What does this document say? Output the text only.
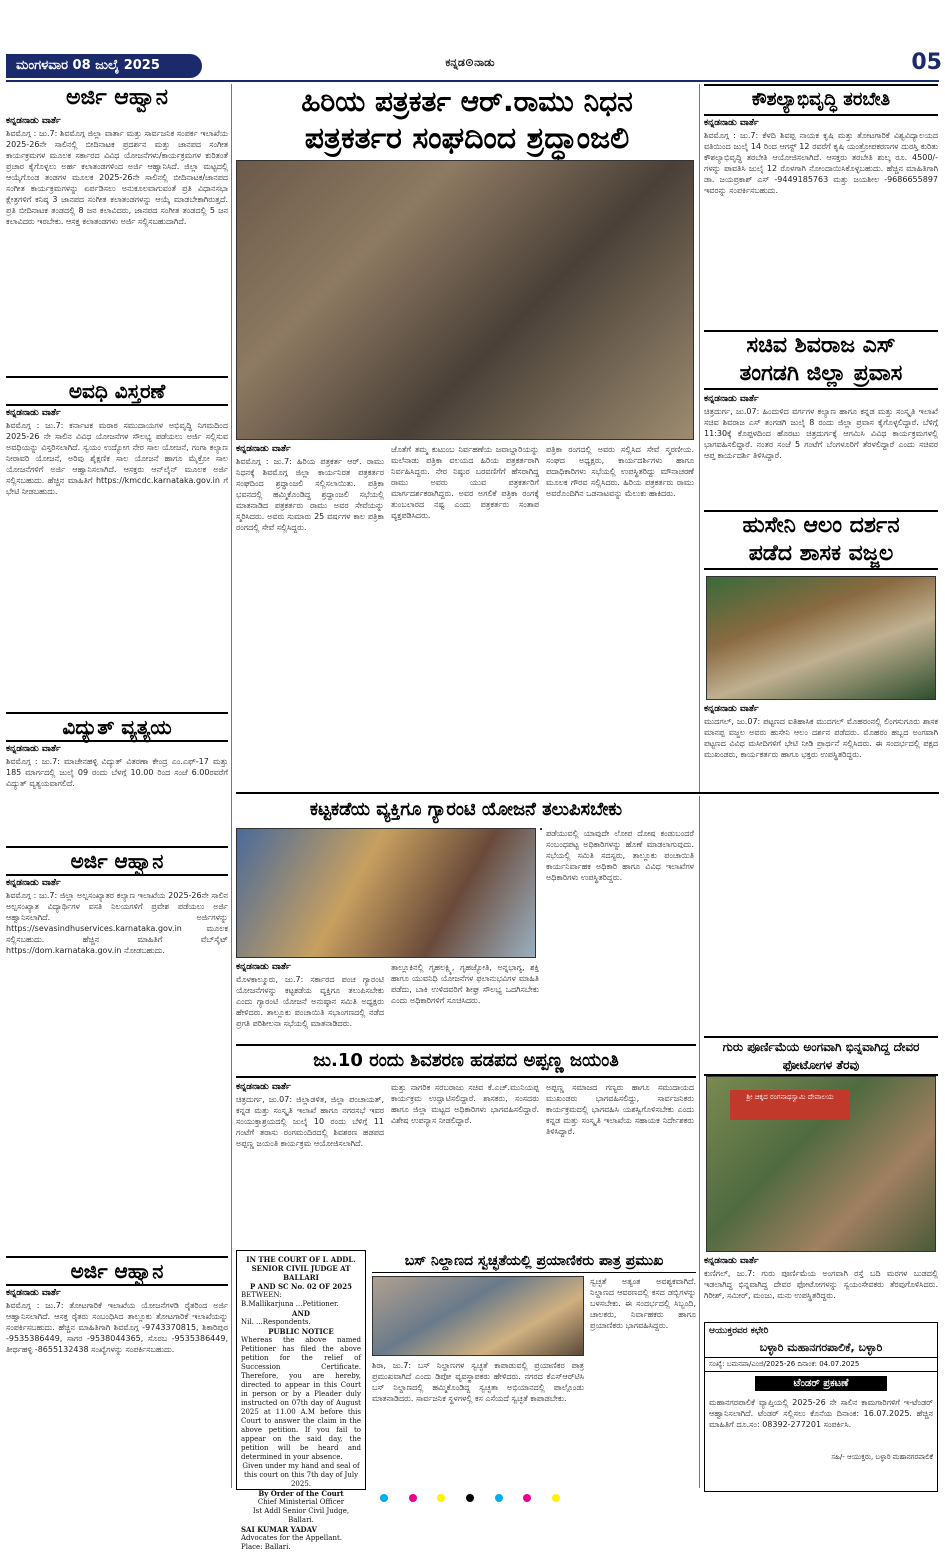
ಮಂಗಳವಾರ 08 ಜುಲೈ 2025	ಕನ್ನಡ⊙ನಾಡು	05
ಅರ್ಜಿ ಆಹ್ವಾನ
ಕನ್ನಡನಾಡು ವಾರ್ತೆ
ಶಿವಮೊಗ್ಗ : ಜು.7: ಶಿವಮೊಗ್ಗ ಜಿಲ್ಲಾ ವಾರ್ತಾ ಮತ್ತು ಸಾರ್ವಜನಿಕ ಸಂಪರ್ಕ ಇಲಾಖೆಯ 2025-26ನೇ ಸಾಲಿನಲ್ಲಿ ಬೀದಿನಾಟಕ ಪ್ರದರ್ಶನ ಮತ್ತು ಜಾನಪದ ಸಂಗೀತ ಕಾರ್ಯಕ್ರಮಗಳ ಮೂಲಕ ಸರ್ಕಾರದ ವಿವಿಧ ಯೋಜನೆಗಳು/ಕಾರ್ಯಕ್ರಮಗಳ ಕುರಿತಂತೆ ಪ್ರಚಾರ ಕೈಗೊಳ್ಳಲು ಅರ್ಹ ಕಲಾತಂಡಗಳಿಂದ ಅರ್ಜಿ ಆಹ್ವಾನಿಸಿದೆ. ಜಿಲ್ಲಾ ಮಟ್ಟದಲ್ಲಿ ಆಯ್ಕೆಗೊಂಡ ತಂಡಗಳ ಮೂಲಕ 2025-26ನೇ ಸಾಲಿನಲ್ಲಿ ಬೀದಿನಾಟಕ/ಜಾನಪದ ಸಂಗೀತ ಕಾರ್ಯಕ್ರಮಗಳನ್ನು ಏರ್ಪಡಿಸಲು ಅನುಕೂಲವಾಗುವಂತೆ ಪ್ರತಿ ವಿಧಾನಸಭಾ ಕ್ಷೇತ್ರಗಳಿಗೆ ಕನಿಷ್ಠ 3 ಜಾನಪದ ಸಂಗೀತ ಕಲಾತಂಡಗಳನ್ನು ಆಯ್ಕೆ ಮಾಡಬೇಕಾಗಿರುತ್ತದೆ. ಪ್ರತಿ ಬೀದಿನಾಟಕ ತಂಡದಲ್ಲಿ 8 ಜನ ಕಲಾವಿದರು, ಜಾನಪದ ಸಂಗೀತ ತಂಡದಲ್ಲಿ 5 ಜನ ಕಲಾವಿದರು ಇರಬೇಕು. ಆಸಕ್ತ ಕಲಾತಂಡಗಳು ಅರ್ಜಿ ಸಲ್ಲಿಸಬಹುದಾಗಿದೆ.
ಅವಧಿ ವಿಸ್ತರಣೆ
ಕನ್ನಡನಾಡು ವಾರ್ತೆ
ಶಿವಮೊಗ್ಗ : ಜು.7: ಕರ್ನಾಟಕ ಮರಾಠ ಸಮುದಾಯಗಳ ಅಭಿವೃದ್ಧಿ ನಿಗಮದಿಂದ 2025-26 ನೇ ಸಾಲಿನ ವಿವಿಧ ಯೋಜನೆಗಳ ಸೌಲಭ್ಯ ಪಡೆಯಲು ಅರ್ಜಿ ಸಲ್ಲಿಸುವ ಅವಧಿಯನ್ನು ವಿಸ್ತರಿಸಲಾಗಿದೆ. ಸ್ವಯಂ ಉದ್ಯೋಗ ನೇರ ಸಾಲ ಯೋಜನೆ, ಗಂಗಾ ಕಲ್ಯಾಣ ನೀರಾವರಿ ಯೋಜನೆ, ಅರಿವು ಶೈಕ್ಷಣಿಕ ಸಾಲ ಯೋಜನೆ ಹಾಗೂ ಮೈಕ್ರೋ ಸಾಲ ಯೋಜನೆಗಳಿಗೆ ಅರ್ಜಿ ಆಹ್ವಾನಿಸಲಾಗಿದೆ. ಆಸಕ್ತರು ಆನ್‌ಲೈನ್ ಮೂಲಕ ಅರ್ಜಿ ಸಲ್ಲಿಸಬಹುದು. ಹೆಚ್ಚಿನ ಮಾಹಿತಿಗೆ https://kmcdc.karnataka.gov.in ಗೆ ಭೇಟಿ ನೀಡಬಹುದು.
ವಿದ್ಯುತ್ ವ್ಯತ್ಯಯ
ಕನ್ನಡನಾಡು ವಾರ್ತೆ
ಶಿವಮೊಗ್ಗ : ಜು.7: ಮಾಚೇನಹಳ್ಳಿ ವಿದ್ಯುತ್ ವಿತರಣಾ ಕೇಂದ್ರ ಎಂ.ಎಫ್-17 ಮತ್ತು 185 ಮಾರ್ಗದಲ್ಲಿ ಜುಲೈ 09 ರಂದು ಬೆಳಗ್ಗೆ 10.00 ರಿಂದ ಸಂಜೆ 6.00ರವರೆಗೆ ವಿದ್ಯುತ್ ವ್ಯತ್ಯಯವಾಗಲಿದೆ.
ಅರ್ಜಿ ಆಹ್ವಾನ
ಕನ್ನಡನಾಡು ವಾರ್ತೆ
ಶಿವಮೊಗ್ಗ : ಜು.7: ಜಿಲ್ಲಾ ಅಲ್ಪಸಂಖ್ಯಾತರ ಕಲ್ಯಾಣ ಇಲಾಖೆಯ 2025-26ನೇ ಸಾಲಿನ ಅಲ್ಪಸಂಖ್ಯಾತ ವಿದ್ಯಾರ್ಥಿಗಳ ವಸತಿ ನಿಲಯಗಳಿಗೆ ಪ್ರವೇಶ ಪಡೆಯಲು ಅರ್ಜಿ ಆಹ್ವಾನಿಸಲಾಗಿದೆ. ಅರ್ಜಿಗಳನ್ನು https://sevasindhuservices.karnataka.gov.in ಮೂಲಕ ಸಲ್ಲಿಸಬಹುದು. ಹೆಚ್ಚಿನ ಮಾಹಿತಿಗೆ ವೆಬ್‌ಸೈಟ್ https://dom.karnataka.gov.in ನೋಡಬಹುದು.
ಅರ್ಜಿ ಆಹ್ವಾನ
ಕನ್ನಡನಾಡು ವಾರ್ತೆ
ಶಿವಮೊಗ್ಗ : ಜು.7: ತೋಟಗಾರಿಕೆ ಇಲಾಖೆಯ ಯೋಜನೆಗಳಡಿ ರೈತರಿಂದ ಅರ್ಜಿ ಆಹ್ವಾನಿಸಲಾಗಿದೆ. ಆಸಕ್ತ ರೈತರು ಸಂಬಂಧಿಸಿದ ತಾಲ್ಲೂಕು ತೋಟಗಾರಿಕೆ ಇಲಾಖೆಯನ್ನು ಸಂಪರ್ಕಿಸಬಹುದು. ಹೆಚ್ಚಿನ ಮಾಹಿತಿಗಾಗಿ ಶಿವಮೊಗ್ಗ -9743370815, ಶಿಕಾರಿಪುರ -9535386449, ಸಾಗರ -9538044365, ಸೊರಬ -9535386449, ತೀರ್ಥಹಳ್ಳಿ -8655132438 ಸಂಖ್ಯೆಗಳನ್ನು ಸಂಪರ್ಕಿಸಬಹುದು.
ಹಿರಿಯ ಪತ್ರಕರ್ತ ಆರ್.ರಾಮು ನಿಧನ
ಪತ್ರಕರ್ತರ ಸಂಘದಿಂದ ಶ್ರದ್ಧಾಂಜಲಿ
ಕನ್ನಡನಾಡು ವಾರ್ತೆ
ಶಿವಮೊಗ್ಗ : ಜು.7: ಹಿರಿಯ ಪತ್ರಕರ್ತ ಆರ್. ರಾಮು ನಿಧನಕ್ಕೆ ಶಿವಮೊಗ್ಗ ಜಿಲ್ಲಾ ಕಾರ್ಯನಿರತ ಪತ್ರಕರ್ತರ ಸಂಘದಿಂದ ಶ್ರದ್ಧಾಂಜಲಿ ಸಲ್ಲಿಸಲಾಯಿತು. ಪತ್ರಿಕಾ ಭವನದಲ್ಲಿ ಹಮ್ಮಿಕೊಂಡಿದ್ದ ಶ್ರದ್ಧಾಂಜಲಿ ಸಭೆಯಲ್ಲಿ ಮಾತನಾಡಿದ ಪತ್ರಕರ್ತರು ರಾಮು ಅವರ ಸೇವೆಯನ್ನು ಸ್ಮರಿಸಿದರು. ಅವರು ಸುಮಾರು 25 ವರ್ಷಗಳ ಕಾಲ ಪತ್ರಿಕಾ ರಂಗದಲ್ಲಿ ಸೇವೆ ಸಲ್ಲಿಸಿದ್ದರು.
ಜೊತೆಗೆ ತಮ್ಮ ಕುಟುಂಬ ನಿರ್ವಹಣೆಯ ಜವಾಬ್ದಾರಿಯನ್ನು ಮಲೆನಾಡು ಪತ್ರಿಕಾ ವಲಯದ ಹಿರಿಯ ಪತ್ರಕರ್ತರಾಗಿ ನಿರ್ವಹಿಸಿದ್ದರು. ನೇರ ನಿಷ್ಠುರ ಬರವಣಿಗೆಗೆ ಹೆಸರಾಗಿದ್ದ ರಾಮು ಅವರು ಯುವ ಪತ್ರಕರ್ತರಿಗೆ ಮಾರ್ಗದರ್ಶಕರಾಗಿದ್ದರು. ಅವರ ಅಗಲಿಕೆ ಪತ್ರಿಕಾ ರಂಗಕ್ಕೆ ತುಂಬಲಾರದ ನಷ್ಟ ಎಂದು ಪತ್ರಕರ್ತರು ಸಂತಾಪ ವ್ಯಕ್ತಪಡಿಸಿದರು.
ಪತ್ರಿಕಾ ರಂಗದಲ್ಲಿ ಅವರು ಸಲ್ಲಿಸಿದ ಸೇವೆ ಸ್ಮರಣೀಯ. ಸಂಘದ ಅಧ್ಯಕ್ಷರು, ಕಾರ್ಯದರ್ಶಿಗಳು ಹಾಗೂ ಪದಾಧಿಕಾರಿಗಳು ಸಭೆಯಲ್ಲಿ ಉಪಸ್ಥಿತರಿದ್ದು ಮೌನಾಚರಣೆ ಮೂಲಕ ಗೌರವ ಸಲ್ಲಿಸಿದರು. ಹಿರಿಯ ಪತ್ರಕರ್ತರು ರಾಮು ಅವರೊಂದಿಗಿನ ಒಡನಾಟವನ್ನು ಮೆಲುಕು ಹಾಕಿದರು.
ಕೌಶಲ್ಯಾಭಿವೃದ್ಧಿ ತರಬೇತಿ
ಕನ್ನಡನಾಡು ವಾರ್ತೆ
ಶಿವಮೊಗ್ಗ : ಜು.7: ಕೆಳದಿ ಶಿವಪ್ಪ ನಾಯಕ ಕೃಷಿ ಮತ್ತು ತೋಟಗಾರಿಕೆ ವಿಶ್ವವಿದ್ಯಾಲಯದ ವತಿಯಿಂದ ಜುಲೈ 14 ರಿಂದ ಆಗಸ್ಟ್ 12 ರವರೆಗೆ ಕೃಷಿ ಯಂತ್ರೋಪಕರಣಗಳ ದುರಸ್ತಿ ಕುರಿತು ಕೌಶಲ್ಯಾಭಿವೃದ್ಧಿ ತರಬೇತಿ ಆಯೋಜಿಸಲಾಗಿದೆ. ಆಸಕ್ತರು ತರಬೇತಿ ಶುಲ್ಕ ರೂ. 4500/-ಗಳನ್ನು ಪಾವತಿಸಿ ಜುಲೈ 12 ರೊಳಗಾಗಿ ನೋಂದಾಯಿಸಿಕೊಳ್ಳಬಹುದು. ಹೆಚ್ಚಿನ ಮಾಹಿತಿಗಾಗಿ ಡಾ. ಜಯಪ್ರಕಾಶ್ ಎಸ್ -9449185763 ಮತ್ತು ಜಯಶೀಲ -9686655897 ಇವರನ್ನು ಸಂಪರ್ಕಿಸಬಹುದು.
ಸಚಿವ ಶಿವರಾಜ ಎಸ್
ತಂಗಡಗಿ ಜಿಲ್ಲಾ ಪ್ರವಾಸ
ಕನ್ನಡನಾಡು ವಾರ್ತೆ
ಚಿತ್ರದುರ್ಗ, ಜು.07: ಹಿಂದುಳಿದ ವರ್ಗಗಳ ಕಲ್ಯಾಣ ಹಾಗೂ ಕನ್ನಡ ಮತ್ತು ಸಂಸ್ಕೃತಿ ಇಲಾಖೆ ಸಚಿವ ಶಿವರಾಜ ಎಸ್ ತಂಗಡಗಿ ಜುಲೈ 8 ರಂದು ಜಿಲ್ಲಾ ಪ್ರವಾಸ ಕೈಗೊಳ್ಳಲಿದ್ದಾರೆ. ಬೆಳಿಗ್ಗೆ 11:30ಕ್ಕೆ ಕೊಪ್ಪಳದಿಂದ ಹೊರಟು ಚಿತ್ರದುರ್ಗಕ್ಕೆ ಆಗಮಿಸಿ ವಿವಿಧ ಕಾರ್ಯಕ್ರಮಗಳಲ್ಲಿ ಭಾಗವಹಿಸಲಿದ್ದಾರೆ. ನಂತರ ಸಂಜೆ 5 ಗಂಟೆಗೆ ಬೆಂಗಳೂರಿಗೆ ತೆರಳಲಿದ್ದಾರೆ ಎಂದು ಸಚಿವರ ಆಪ್ತ ಕಾರ್ಯದರ್ಶಿ ತಿಳಿಸಿದ್ದಾರೆ.
ಹುಸೇನಿ ಆಲಂ ದರ್ಶನ
ಪಡೆದ ಶಾಸಕ ವಜ್ಜಲ
ಕನ್ನಡನಾಡು ವಾರ್ತೆ
ಮುದಗಲ್, ಜು.07: ಪಟ್ಟಣದ ಐತಿಹಾಸಿಕ ಮುದಗಲ್ ಮೊಹರಂನಲ್ಲಿ ಲಿಂಗಸುಗೂರು ಶಾಸಕ ಮಾನಪ್ಪ ವಜ್ಜಲ ಅವರು ಹುಸೇನಿ ಆಲಂ ದರ್ಶನ ಪಡೆದರು. ಮೊಹರಂ ಹಬ್ಬದ ಅಂಗವಾಗಿ ಪಟ್ಟಣದ ವಿವಿಧ ಮಸೀದಿಗಳಿಗೆ ಭೇಟಿ ನೀಡಿ ಪ್ರಾರ್ಥನೆ ಸಲ್ಲಿಸಿದರು. ಈ ಸಂದರ್ಭದಲ್ಲಿ ಪಕ್ಷದ ಮುಖಂಡರು, ಕಾರ್ಯಕರ್ತರು ಹಾಗೂ ಭಕ್ತರು ಉಪಸ್ಥಿತರಿದ್ದರು.
ಗುರು ಪೂರ್ಣಿಮೆಯ ಅಂಗವಾಗಿ ಭಿನ್ನವಾಗಿದ್ದ ದೇವರ ಫೋಟೋಗಳ ತೆರವು
ಶ್ರೀ ಚಿಕ್ಕದ ರಂಗನಾಥಸ್ವಾಮಿ ದೇವಾಲಯ
ಕನ್ನಡನಾಡು ವಾರ್ತೆ
ಕುಣಿಗಲ್, ಜು.7: ಗುರು ಪೂರ್ಣಿಮೆಯ ಅಂಗವಾಗಿ ರಸ್ತೆ ಬದಿ ಮರಗಳ ಬುಡದಲ್ಲಿ ಇಡಲಾಗಿದ್ದ ಭಿನ್ನವಾಗಿದ್ದ ದೇವರ ಫೋಟೋಗಳನ್ನು ಸ್ವಯಂಸೇವಕರು ತೆರವುಗೊಳಿಸಿದರು. ಗಿರೀಶ್, ಸಮೀರ್, ಮಂಜು, ಮನು ಉಪಸ್ಥಿತರಿದ್ದರು.
ಆಯುಕ್ತರವರ ಕಛೇರಿ
ಬಳ್ಳಾರಿ ಮಹಾನಗರಪಾಲಿಕೆ, ಬಳ್ಳಾರಿ
ಸಂಖ್ಯೆ: ಬಮನಪಾ/ಎಂಜಿ/2025-26 ದಿನಾಂಕ: 04.07.2025
ಟೆಂಡರ್ ಪ್ರಕಟಣೆ
ಮಹಾನಗರಪಾಲಿಕೆ ವ್ಯಾಪ್ತಿಯಲ್ಲಿ 2025-26 ನೇ ಸಾಲಿನ ಕಾಮಗಾರಿಗಳಿಗೆ ಇ-ಟೆಂಡರ್ ಆಹ್ವಾನಿಸಲಾಗಿದೆ. ಟೆಂಡರ್ ಸಲ್ಲಿಸಲು ಕೊನೆಯ ದಿನಾಂಕ: 16.07.2025. ಹೆಚ್ಚಿನ ಮಾಹಿತಿಗೆ ದೂ.ಸಂ: 08392-277201 ಸಂಪರ್ಕಿಸಿ.
ಸಹಿ/- ಆಯುಕ್ತರು, ಬಳ್ಳಾರಿ ಮಹಾನಗರಪಾಲಿಕೆ
ಕಟ್ಟಕಡೆಯ ವ್ಯಕ್ತಿಗೂ ಗ್ಯಾರಂಟಿ ಯೋಜನೆ ತಲುಪಿಸಬೇಕು
ಪಡೆಯುವಲ್ಲಿ ಯಾವುದೇ ಲೋಪ ದೋಷ ಕಂಡುಬಂದರೆ ಸಂಬಂಧಪಟ್ಟ ಅಧಿಕಾರಿಗಳನ್ನು ಹೊಣೆ ಮಾಡಲಾಗುವುದು. ಸಭೆಯಲ್ಲಿ ಸಮಿತಿ ಸದಸ್ಯರು, ತಾಲ್ಲೂಕು ಪಂಚಾಯಿತಿ ಕಾರ್ಯನಿರ್ವಾಹಕ ಅಧಿಕಾರಿ ಹಾಗೂ ವಿವಿಧ ಇಲಾಖೆಗಳ ಅಧಿಕಾರಿಗಳು ಉಪಸ್ಥಿತರಿದ್ದರು.
ಕನ್ನಡನಾಡು ವಾರ್ತೆ
ಮೊಳಕಾಲ್ಮೂರು, ಜು.7: ಸರ್ಕಾರದ ಪಂಚ ಗ್ಯಾರಂಟಿ ಯೋಜನೆಗಳನ್ನು ಕಟ್ಟಕಡೆಯ ವ್ಯಕ್ತಿಗೂ ತಲುಪಿಸಬೇಕು ಎಂದು ಗ್ಯಾರಂಟಿ ಯೋಜನೆ ಅನುಷ್ಠಾನ ಸಮಿತಿ ಅಧ್ಯಕ್ಷರು ಹೇಳಿದರು. ತಾಲ್ಲೂಕು ಪಂಚಾಯಿತಿ ಸಭಾಂಗಣದಲ್ಲಿ ನಡೆದ ಪ್ರಗತಿ ಪರಿಶೀಲನಾ ಸಭೆಯಲ್ಲಿ ಮಾತನಾಡಿದರು.
ತಾಲ್ಲೂಕಿನಲ್ಲಿ ಗೃಹಲಕ್ಷ್ಮಿ, ಗೃಹಜ್ಯೋತಿ, ಅನ್ನಭಾಗ್ಯ, ಶಕ್ತಿ ಹಾಗೂ ಯುವನಿಧಿ ಯೋಜನೆಗಳ ಫಲಾನುಭವಿಗಳ ಮಾಹಿತಿ ಪಡೆದು, ಬಾಕಿ ಉಳಿದವರಿಗೆ ಶೀಘ್ರ ಸೌಲಭ್ಯ ಒದಗಿಸಬೇಕು ಎಂದು ಅಧಿಕಾರಿಗಳಿಗೆ ಸೂಚಿಸಿದರು.
ಜು.10 ರಂದು ಶಿವಶರಣ ಹಡಪದ ಅಪ್ಪಣ್ಣ ಜಯಂತಿ
ಕನ್ನಡನಾಡು ವಾರ್ತೆ
ಚಿತ್ರದುರ್ಗ, ಜು.07: ಜಿಲ್ಲಾಡಳಿತ, ಜಿಲ್ಲಾ ಪಂಚಾಯತ್, ಕನ್ನಡ ಮತ್ತು ಸಂಸ್ಕೃತಿ ಇಲಾಖೆ ಹಾಗೂ ನಗರಸಭೆ ಇವರ ಸಂಯುಕ್ತಾಶ್ರಯದಲ್ಲಿ ಜುಲೈ 10 ರಂದು ಬೆಳಿಗ್ಗೆ 11 ಗಂಟೆಗೆ ತರಾಸು ರಂಗಮಂದಿರದಲ್ಲಿ ಶಿವಶರಣ ಹಡಪದ ಅಪ್ಪಣ್ಣ ಜಯಂತಿ ಕಾರ್ಯಕ್ರಮ ಆಯೋಜಿಸಲಾಗಿದೆ.
ಮತ್ತು ನಾಗರಿಕ ಸರಬರಾಜು ಸಚಿವ ಕೆ.ಎಚ್.ಮುನಿಯಪ್ಪ ಕಾರ್ಯಕ್ರಮ ಉದ್ಘಾಟಿಸಲಿದ್ದಾರೆ. ಶಾಸಕರು, ಸಂಸದರು ಹಾಗೂ ಜಿಲ್ಲಾ ಮಟ್ಟದ ಅಧಿಕಾರಿಗಳು ಭಾಗವಹಿಸಲಿದ್ದಾರೆ. ವಿಶೇಷ ಉಪನ್ಯಾಸ ನೀಡಲಿದ್ದಾರೆ.
ಅಪ್ಪಣ್ಣ ಸಮಾಜದ ಗಣ್ಯರು ಹಾಗೂ ಸಮುದಾಯದ ಮುಖಂಡರು ಭಾಗವಹಿಸಲಿದ್ದು, ಸಾರ್ವಜನಿಕರು ಕಾರ್ಯಕ್ರಮದಲ್ಲಿ ಭಾಗವಹಿಸಿ ಯಶಸ್ವಿಗೊಳಿಸಬೇಕು ಎಂದು ಕನ್ನಡ ಮತ್ತು ಸಂಸ್ಕೃತಿ ಇಲಾಖೆಯ ಸಹಾಯಕ ನಿರ್ದೇಶಕರು ತಿಳಿಸಿದ್ದಾರೆ.
IN THE COURT OF I. ADDL. SENIOR CIVIL JUDGE AT BALLARI
P AND SC No. 02 OF 2025
BETWEEN:
B.Mallikarjuna ...Petitioner.
AND
Nil. ...Respondents.
PUBLIC NOTICE
Whereas the above named Petitioner has filed the above petition for the relief of Succession Certificate. Therefore, you are hereby, directed to appear in this Court in person or by a Pleader duly instructed on 07th day of August 2025 at 11.00 A.M before this Court to answer the claim in the above petition. If you fail to appear on the said day, the petition will be heard and determined in your absence.
Given under my hand and seal of this court on this 7th day of July 2025.
By Order of the Court
Chief Ministerial Officer
Ist Addl Senior Civil Judge, Ballari.
SAI KUMAR YADAV
Advocates for the Appellant.
Place: Ballari.
ಬಸ್ ನಿಲ್ದಾಣದ ಸ್ವಚ್ಛತೆಯಲ್ಲಿ ಪ್ರಯಾಣಿಕರು ಪಾತ್ರ ಪ್ರಮುಖ
ಶಿರಾ, ಜು.7: ಬಸ್ ನಿಲ್ದಾಣಗಳ ಸ್ವಚ್ಛತೆ ಕಾಪಾಡುವಲ್ಲಿ ಪ್ರಯಾಣಿಕರ ಪಾತ್ರ ಪ್ರಮುಖವಾಗಿದೆ ಎಂದು ಡಿಪೋ ವ್ಯವಸ್ಥಾಪಕರು ಹೇಳಿದರು. ನಗರದ ಕೆಎಸ್‌ಆರ್‌ಟಿಸಿ ಬಸ್ ನಿಲ್ದಾಣದಲ್ಲಿ ಹಮ್ಮಿಕೊಂಡಿದ್ದ ಸ್ವಚ್ಛತಾ ಅಭಿಯಾನದಲ್ಲಿ ಪಾಲ್ಗೊಂಡು ಮಾತನಾಡಿದರು. ಸಾರ್ವಜನಿಕ ಸ್ಥಳಗಳಲ್ಲಿ ಕಸ ಎಸೆಯದೆ ಸ್ವಚ್ಛತೆ ಕಾಪಾಡಬೇಕು.
ಸ್ವಚ್ಛತೆ ಅತ್ಯಂತ ಅವಶ್ಯಕವಾಗಿದೆ. ನಿಲ್ದಾಣದ ಆವರಣದಲ್ಲಿ ಕಸದ ಡಬ್ಬಿಗಳನ್ನು ಬಳಸಬೇಕು. ಈ ಸಂದರ್ಭದಲ್ಲಿ ಸಿಬ್ಬಂದಿ, ಚಾಲಕರು, ನಿರ್ವಾಹಕರು ಹಾಗೂ ಪ್ರಯಾಣಿಕರು ಭಾಗವಹಿಸಿದ್ದರು.
